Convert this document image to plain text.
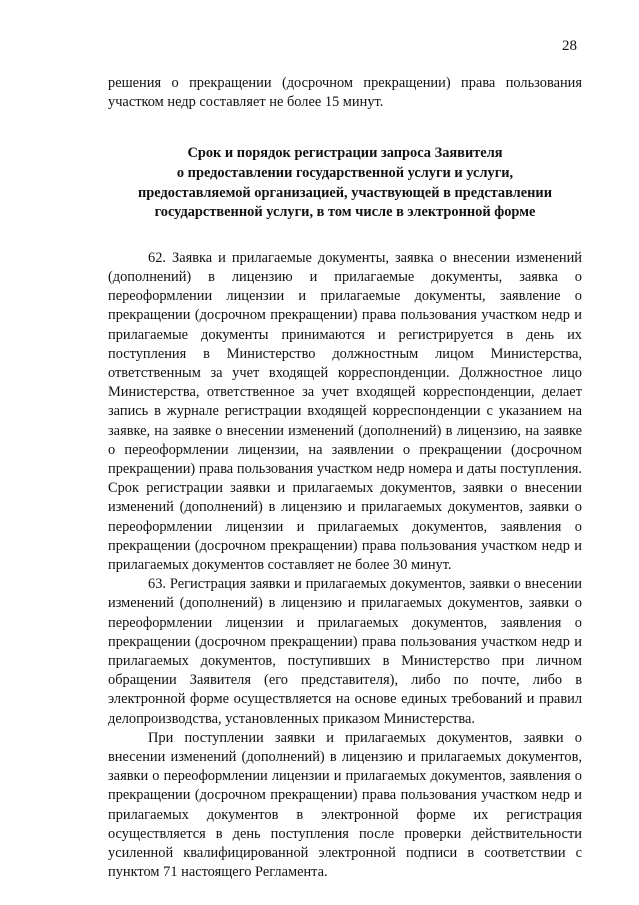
28

решения о прекращении (досрочном прекращении) права пользования участком недр составляет не более 15 минут.

Срок и порядок регистрации запроса Заявителя
о предоставлении государственной услуги и услуги,
предоставляемой организацией, участвующей в представлении
государственной услуги, в том числе в электронной форме

62. Заявка и прилагаемые документы, заявка о внесении изменений (дополнений) в лицензию и прилагаемые документы, заявка о переоформлении лицензии и прилагаемые документы, заявление о прекращении (досрочном прекращении) права пользования участком недр и прилагаемые документы принимаются и регистрируется в день их поступления в Министерство должностным лицом Министерства, ответственным за учет входящей корреспонденции. Должностное лицо Министерства, ответственное за учет входящей корреспонденции, делает запись в журнале регистрации входящей корреспонденции с указанием на заявке, на заявке о внесении изменений (дополнений) в лицензию, на заявке о переоформлении лицензии, на заявлении о прекращении (досрочном прекращении) права пользования участком недр номера и даты поступления. Срок регистрации заявки и прилагаемых документов, заявки о внесении изменений (дополнений) в лицензию и прилагаемых документов, заявки о переоформлении лицензии и прилагаемых документов, заявления о прекращении (досрочном прекращении) права пользования участком недр и прилагаемых документов составляет не более 30 минут.

63. Регистрация заявки и прилагаемых документов, заявки о внесении изменений (дополнений) в лицензию и прилагаемых документов, заявки о переоформлении лицензии и прилагаемых документов, заявления о прекращении (досрочном прекращении) права пользования участком недр и прилагаемых документов, поступивших в Министерство при личном обращении Заявителя (его представителя), либо по почте, либо в электронной форме осуществляется на основе единых требований и правил делопроизводства, установленных приказом Министерства.

При поступлении заявки и прилагаемых документов, заявки о внесении изменений (дополнений) в лицензию и прилагаемых документов, заявки о переоформлении лицензии и прилагаемых документов, заявления о прекращении (досрочном прекращении) права пользования участком недр и прилагаемых документов в электронной форме их регистрация осуществляется в день поступления после проверки действительности усиленной квалифицированной электронной подписи в соответствии с пунктом 71 настоящего Регламента.
